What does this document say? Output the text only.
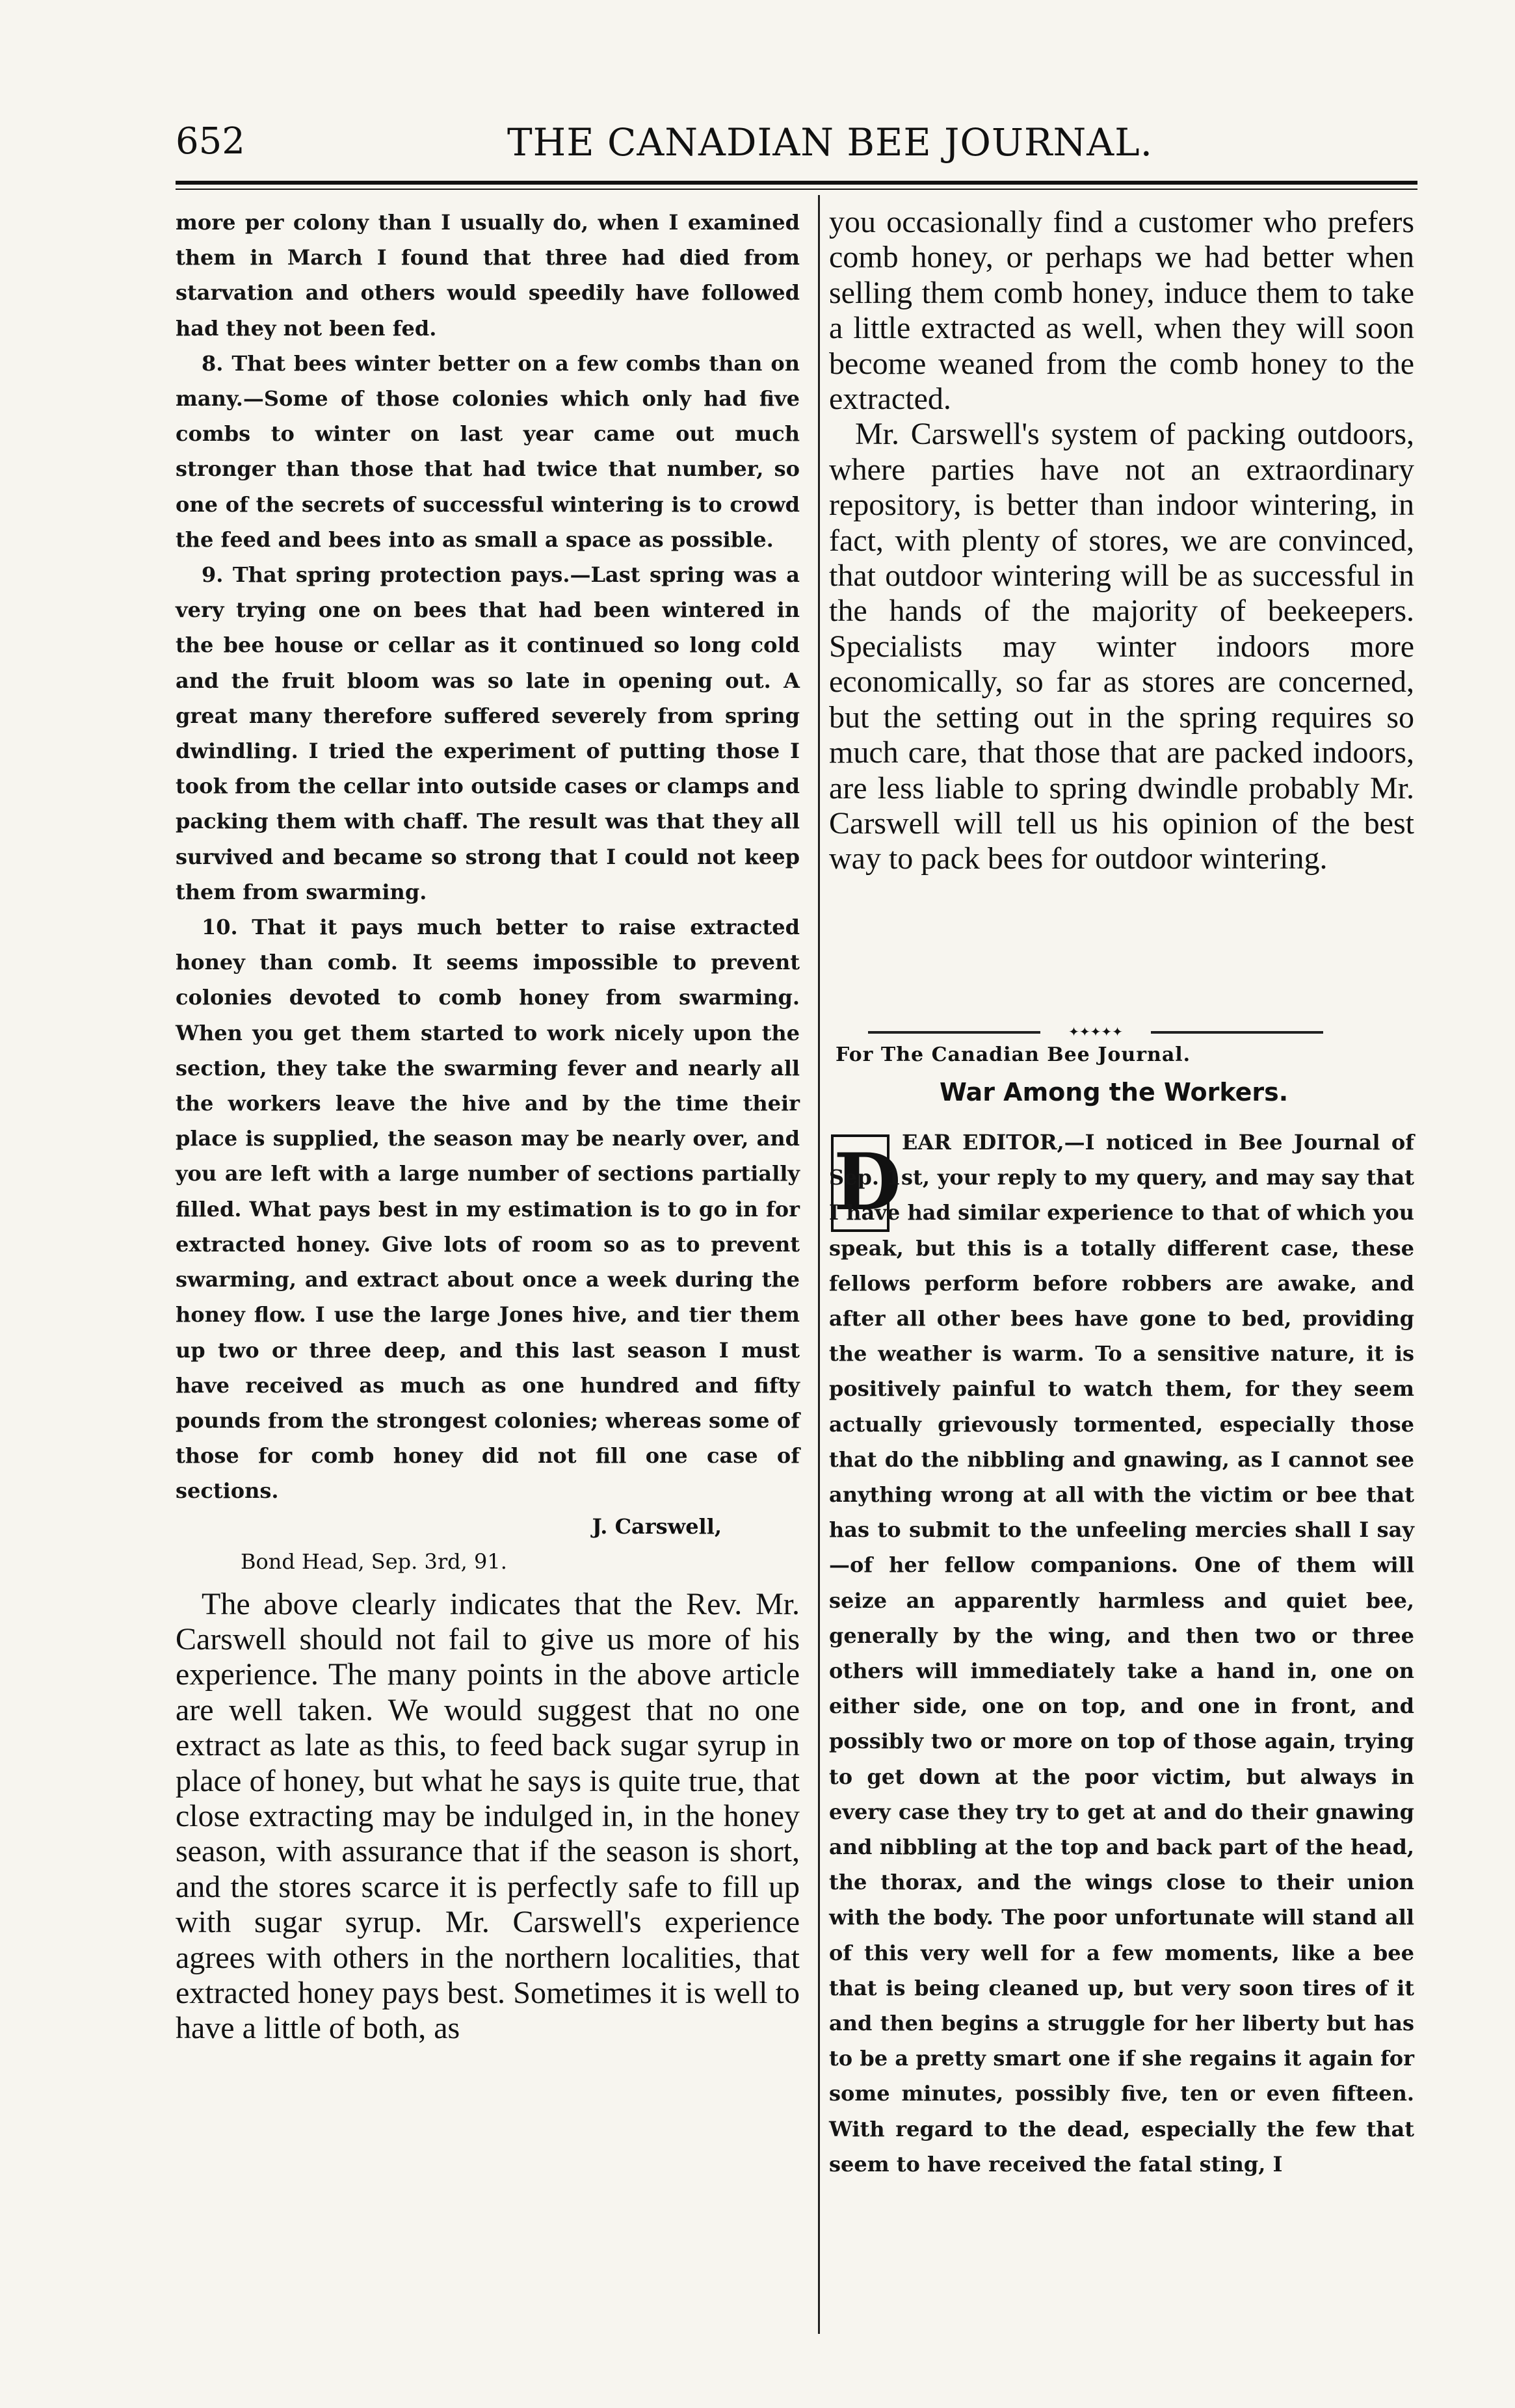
652	THE CANADIAN BEE JOURNAL.

more per colony than I usually do, when I examined them in March I found that three had died from starvation and others would speedily have followed had they not been fed.

8. That bees winter better on a few combs than on many.—Some of those colonies which only had five combs to winter on last year came out much stronger than those that had twice that number, so one of the secrets of successful wintering is to crowd the feed and bees into as small a space as possible.

9. That spring protection pays.—Last spring was a very trying one on bees that had been wintered in the bee house or cellar as it continued so long cold and the fruit bloom was so late in opening out. A great many therefore suffered severely from spring dwindling. I tried the experiment of putting those I took from the cellar into outside cases or clamps and packing them with chaff. The result was that they all survived and became so strong that I could not keep them from swarming.

10. That it pays much better to raise extracted honey than comb. It seems impossible to prevent colonies devoted to comb honey from swarming. When you get them started to work nicely upon the section, they take the swarming fever and nearly all the workers leave the hive and by the time their place is supplied, the season may be nearly over, and you are left with a large number of sections partially filled. What pays best in my estimation is to go in for extracted honey. Give lots of room so as to prevent swarming, and extract about once a week during the honey flow. I use the large Jones hive, and tier them up two or three deep, and this last season I must have received as much as one hundred and fifty pounds from the strongest colonies; whereas some of those for comb honey did not fill one case of sections.

J. Carswell,

Bond Head, Sep. 3rd, 91.

The above clearly indicates that the Rev. Mr. Carswell should not fail to give us more of his experience. The many points in the above article are well taken. We would suggest that no one extract as late as this, to feed back sugar syrup in place of honey, but what he says is quite true, that close extracting may be indulged in, in the honey season, with assurance that if the season is short, and the stores scarce it is perfectly safe to fill up with sugar syrup. Mr. Carswell's experience agrees with others in the northern localities, that extracted honey pays best. Sometimes it is well to have a little of both, as

you occasionally find a customer who prefers comb honey, or perhaps we had better when selling them comb honey, induce them to take a little extracted as well, when they will soon become weaned from the comb honey to the extracted.

Mr. Carswell's system of packing outdoors, where parties have not an extraordinary repository, is better than indoor wintering, in fact, with plenty of stores, we are convinced, that outdoor wintering will be as successful in the hands of the majority of beekeepers. Specialists may winter indoors more economically, so far as stores are concerned, but the setting out in the spring requires so much care, that those that are packed indoors, are less liable to spring dwindle probably Mr. Carswell will tell us his opinion of the best way to pack bees for outdoor wintering.

✦✦✦✦✦
For The Canadian Bee Journal.
War Among the Workers.
D EAR EDITOR,—I noticed in Bee Journal of Sep. 1st, your reply to my query, and may say that I have had similar experience to that of which you speak, but this is a totally different case, these fellows perform before robbers are awake, and after all other bees have gone to bed, providing the weather is warm. To a sensitive nature, it is positively painful to watch them, for they seem actually grievously tormented, especially those that do the nibbling and gnawing, as I cannot see anything wrong at all with the victim or bee that has to submit to the unfeeling mercies shall I say—of her fellow companions. One of them will seize an apparently harmless and quiet bee, generally by the wing, and then two or three others will immediately take a hand in, one on either side, one on top, and one in front, and possibly two or more on top of those again, trying to get down at the poor victim, but always in every case they try to get at and do their gnawing and nibbling at the top and back part of the head, the thorax, and the wings close to their union with the body. The poor unfortunate will stand all of this very well for a few moments, like a bee that is being cleaned up, but very soon tires of it and then begins a struggle for her liberty but has to be a pretty smart one if she regains it again for some minutes, possibly five, ten or even fifteen. With regard to the dead, especially the few that seem to have received the fatal sting, I
